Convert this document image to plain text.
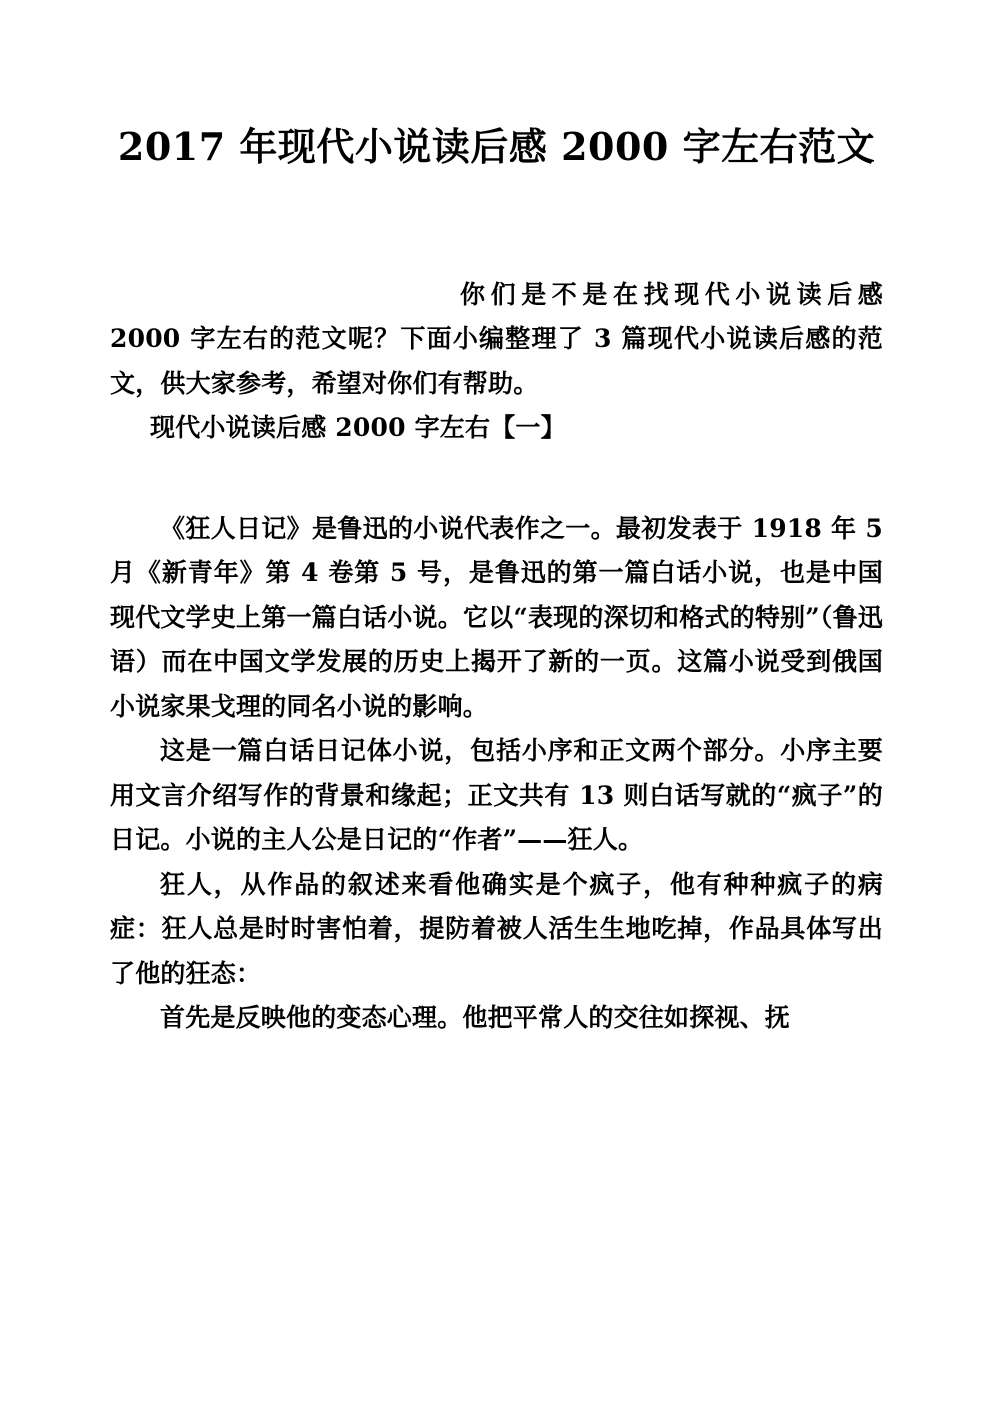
2017 年现代小说读后感 2000 字左右范文

你们是不是在找现代小说读后感 2000 字左右的范文呢？下面小编整理了 3 篇现代小说读后感的范文，供大家参考，希望对你们有帮助。

现代小说读后感 2000 字左右【一】

《狂人日记》是鲁迅的小说代表作之一。最初发表于 1918 年 5 月《新青年》第 4 卷第 5 号，是鲁迅的第一篇白话小说，也是中国现代文学史上第一篇白话小说。它以“表现的深切和格式的特别”（鲁迅语）而在中国文学发展的历史上揭开了新的一页。这篇小说受到俄国小说家果戈理的同名小说的影响。

这是一篇白话日记体小说，包括小序和正文两个部分。小序主要用文言介绍写作的背景和缘起；正文共有 13 则白话写就的“疯子”的日记。小说的主人公是日记的“作者”——狂人。

狂人，从作品的叙述来看他确实是个疯子，他有种种疯子的病症：狂人总是时时害怕着，提防着被人活生生地吃掉，作品具体写出了他的狂态：

首先是反映他的变态心理。他把平常人的交往如探视、抚
